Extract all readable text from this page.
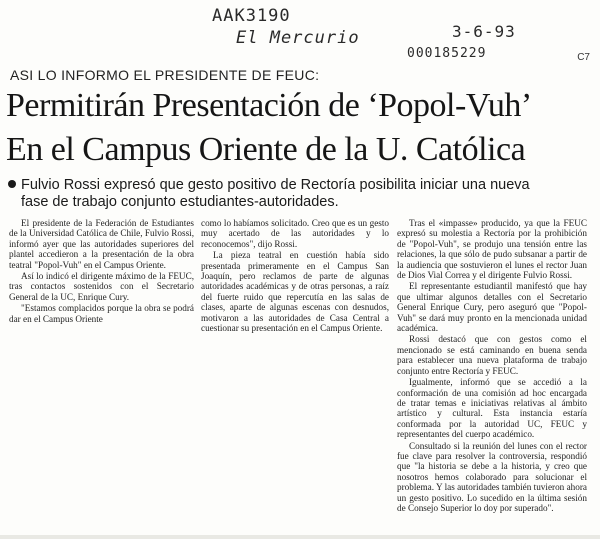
AAK3190
El Mercurio	3-6-93
000185229	C7
ASI LO INFORMO EL PRESIDENTE DE FEUC:
Permitirán Presentación de ‘Popol-Vuh’
En el Campus Oriente de la U. Católica
Fulvio Rossi expresó que gesto positivo de Rectoría posibilita iniciar una nueva
fase de trabajo conjunto estudiantes-autoridades.

El presidente de la Federación de Estudiantes de la Universidad Católica de Chile, Fulvio Rossi, informó ayer que las autoridades superiores del plantel accedieron a la presentación de la obra teatral "Popol-Vuh" en el Campus Oriente.

Así lo indicó el dirigente máximo de la FEUC, tras contactos sostenidos con el Secretario General de la UC, Enrique Cury.

"Estamos complacidos porque la obra se podrá dar en el Campus Oriente

como lo habíamos solicitado. Creo que es un gesto muy acertado de las autoridades y lo reconocemos", dijo Rossi.

La pieza teatral en cuestión había sido presentada primeramente en el Campus San Joaquín, pero reclamos de parte de algunas autoridades académicas y de otras personas, a raíz del fuerte ruido que repercutía en las salas de clases, aparte de algunas escenas con desnudos, motivaron a las autoridades de Casa Central a cuestionar su presentación en el Campus Oriente.

Tras el «impasse» producido, ya que la FEUC expresó su molestia a Rectoría por la prohibición de "Popol-Vuh", se produjo una tensión entre las relaciones, la que sólo de pudo subsanar a partir de la audiencia que sostuvieron el lunes el rector Juan de Dios Vial Correa y el dirigente Fulvio Rossi.

El representante estudiantil manifestó que hay que ultimar algunos detalles con el Secretario General Enrique Cury, pero aseguró que "Popol-Vuh" se dará muy pronto en la mencionada unidad académica.

Rossi destacó que con gestos como el mencionado se está caminando en buena senda para establecer una nueva plataforma de trabajo conjunto entre Rectoría y FEUC.

Igualmente, informó que se accedió a la conformación de una comisión ad hoc encargada de tratar temas e iniciativas relativas al ámbito artístico y cultural. Esta instancia estaría conformada por la autoridad UC, FEUC y representantes del cuerpo académico.

Consultado si la reunión del lunes con el rector fue clave para resolver la controversia, respondió que "la historia se debe a la historia, y creo que nosotros hemos colaborado para solucionar el problema. Y las autoridades también tuvieron ahora un gesto positivo. Lo sucedido en la última sesión de Consejo Superior lo doy por superado".
